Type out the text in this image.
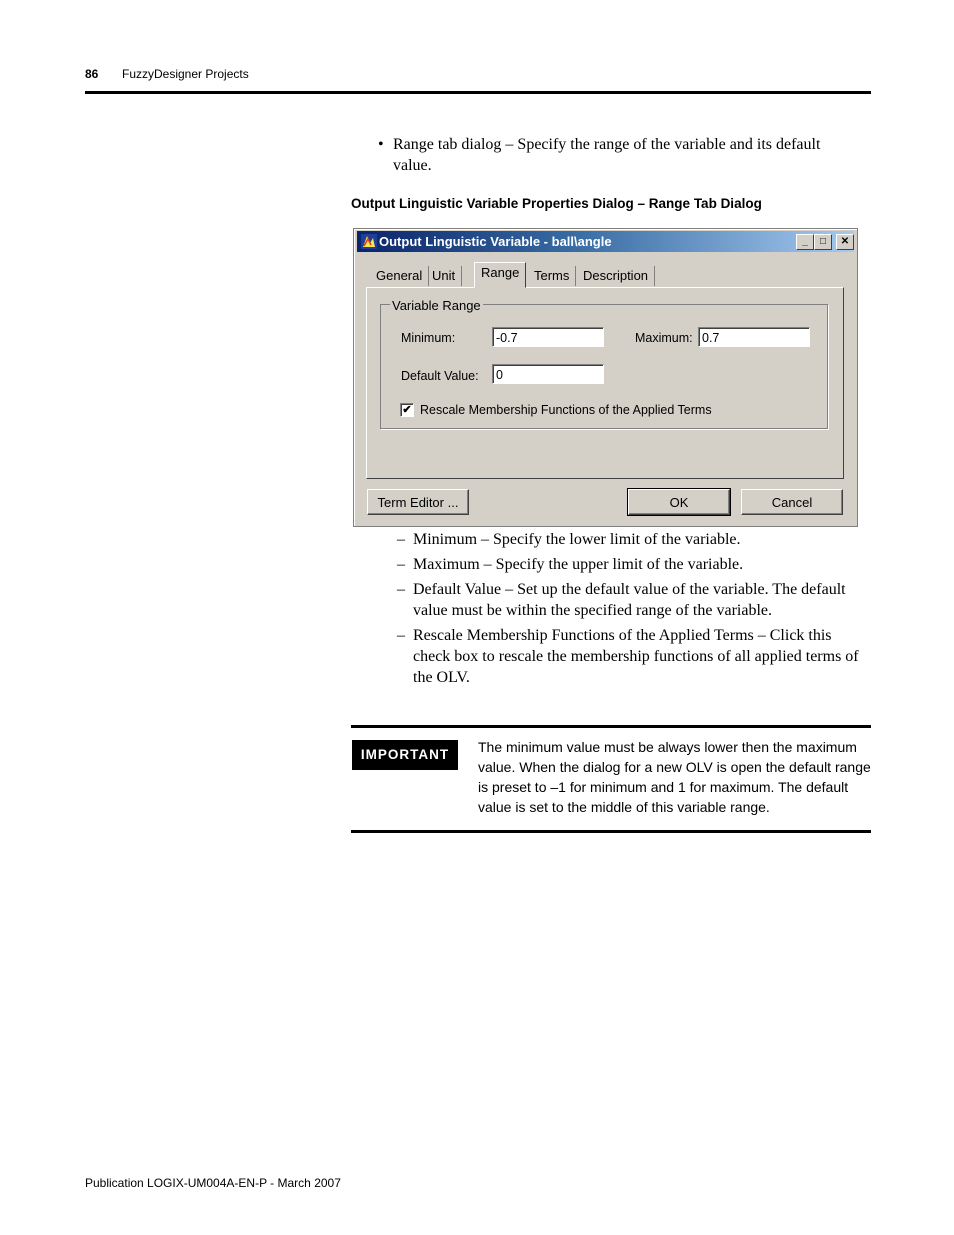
86 FuzzyDesigner Projects
• Range tab dialog – Specify the range of the variable and its default value.
Output Linguistic Variable Properties Dialog – Range Tab Dialog
Output Linguistic Variable - ball\angle	_	□	✕
General Unit	Range	Terms	Description
Variable Range
Minimum:	-0.7	Maximum: 0.7
Default Value:	0
✔ Rescale Membership Functions of the Applied Terms
Term Editor ...	OK	Cancel
– Minimum – Specify the lower limit of the variable.
– Maximum – Specify the upper limit of the variable.
– Default Value – Set up the default value of the variable. The default value must be within the specified range of the variable.
– Rescale Membership Functions of the Applied Terms – Click this check box to rescale the membership functions of all applied terms of the OLV.
IMPORTANT	The minimum value must be always lower then the maximum value. When the dialog for a new OLV is open the default range is preset to –1 for minimum and 1 for maximum. The default value is set to the middle of this variable range.
Publication LOGIX-UM004A-EN-P - March 2007
